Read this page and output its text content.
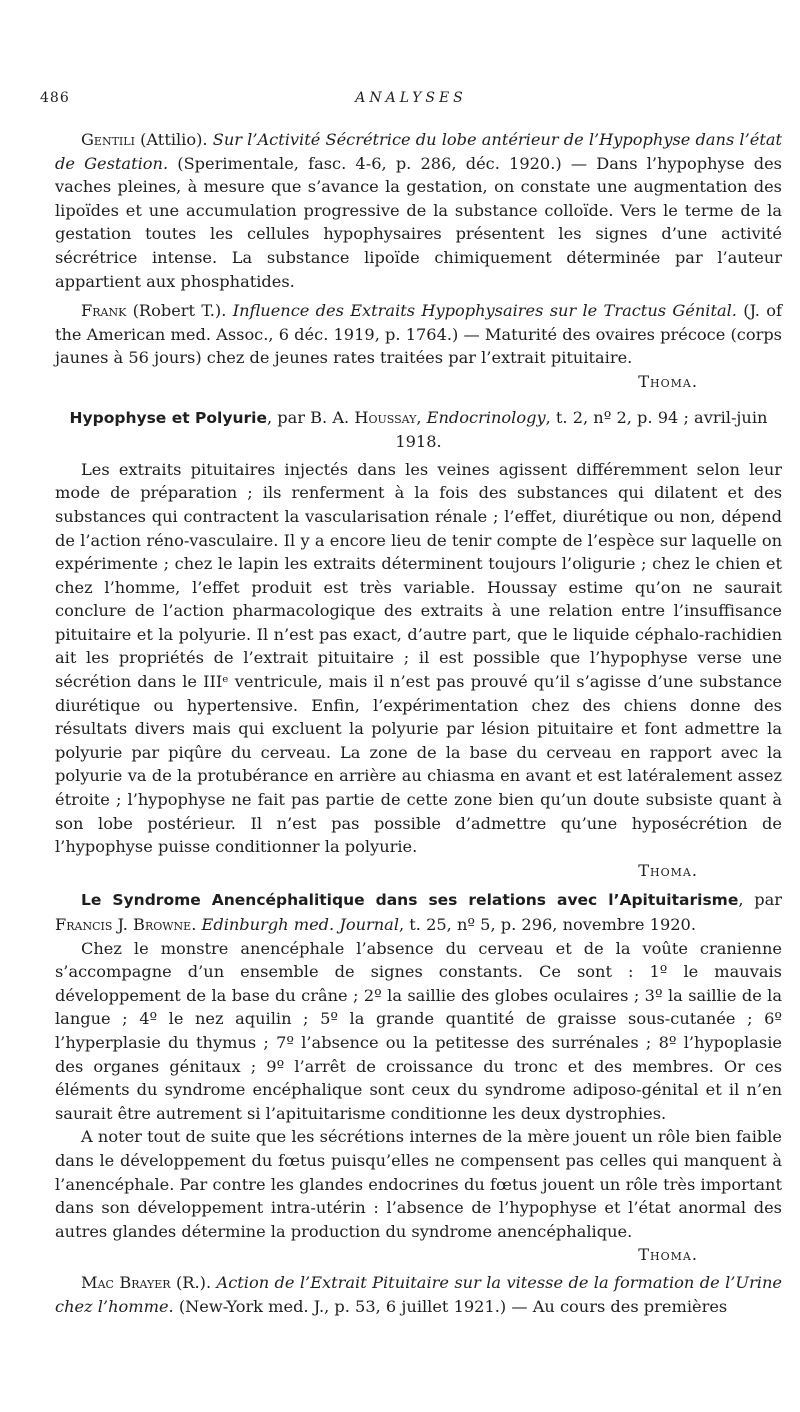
486	ANALYSES

Gentili (Attilio). Sur l’Activité Sécrétrice du lobe antérieur de l’Hypophyse dans l’état de Gestation. (Sperimentale, fasc. 4-6, p. 286, déc. 1920.) — Dans l’hypophyse des vaches pleines, à mesure que s’avance la gestation, on constate une augmentation des lipoïdes et une accumulation progressive de la substance colloïde. Vers le terme de la gestation toutes les cellules hypophysaires présentent les signes d’une activité sécrétrice intense. La substance lipoïde chimiquement déterminée par l’auteur appartient aux phosphatides.

Frank (Robert T.). Influence des Extraits Hypophysaires sur le Tractus Génital. (J. of the American med. Assoc., 6 déc. 1919, p. 1764.) — Maturité des ovaires précoce (corps jaunes à 56 jours) chez de jeunes rates traitées par l’extrait pituitaire.

Thoma.

Hypophyse et Polyurie, par B. A. Houssay, Endocrinology, t. 2, nº 2, p. 94 ; avril-juin 1918.

Les extraits pituitaires injectés dans les veines agissent différemment selon leur mode de préparation ; ils renferment à la fois des substances qui dilatent et des substances qui contractent la vascularisation rénale ; l’effet, diurétique ou non, dépend de l’action réno-vasculaire. Il y a encore lieu de tenir compte de l’espèce sur laquelle on expérimente ; chez le lapin les extraits déterminent toujours l’oligurie ; chez le chien et chez l’homme, l’effet produit est très variable. Houssay estime qu’on ne saurait conclure de l’action pharmacologique des extraits à une relation entre l’insuffisance pituitaire et la polyurie. Il n’est pas exact, d’autre part, que le liquide céphalo-rachidien ait les propriétés de l’extrait pituitaire ; il est possible que l’hypophyse verse une sécrétion dans le IIIᵉ ventricule, mais il n’est pas prouvé qu’il s’agisse d’une substance diurétique ou hypertensive. Enfin, l’expérimentation chez des chiens donne des résultats divers mais qui excluent la polyurie par lésion pituitaire et font admettre la polyurie par piqûre du cerveau. La zone de la base du cerveau en rapport avec la polyurie va de la protubérance en arrière au chiasma en avant et est latéralement assez étroite ; l’hypophyse ne fait pas partie de cette zone bien qu’un doute subsiste quant à son lobe postérieur. Il n’est pas possible d’admettre qu’une hyposécrétion de l’hypophyse puisse conditionner la polyurie.

Thoma.

Le Syndrome Anencéphalitique dans ses relations avec l’Apituitarisme, par Francis J. Browne. Edinburgh med. Journal, t. 25, nº 5, p. 296, novembre 1920.

Chez le monstre anencéphale l’absence du cerveau et de la voûte cranienne s’accompagne d’un ensemble de signes constants. Ce sont : 1º le mauvais développement de la base du crâne ; 2º la saillie des globes oculaires ; 3º la saillie de la langue ; 4º le nez aquilin ; 5º la grande quantité de graisse sous-cutanée ; 6º l’hyperplasie du thymus ; 7º l’absence ou la petitesse des surrénales ; 8º l’hypoplasie des organes génitaux ; 9º l’arrêt de croissance du tronc et des membres. Or ces éléments du syndrome encéphalique sont ceux du syndrome adiposo-génital et il n’en saurait être autrement si l’apituitarisme conditionne les deux dystrophies.

A noter tout de suite que les sécrétions internes de la mère jouent un rôle bien faible dans le développement du fœtus puisqu’elles ne compensent pas celles qui manquent à l’anencéphale. Par contre les glandes endocrines du fœtus jouent un rôle très important dans son développement intra-utérin : l’absence de l’hypophyse et l’état anormal des autres glandes détermine la production du syndrome anencéphalique.

Thoma.

Mac Brayer (R.). Action de l’Extrait Pituitaire sur la vitesse de la formation de l’Urine chez l’homme. (New-York med. J., p. 53, 6 juillet 1921.) — Au cours des premières
